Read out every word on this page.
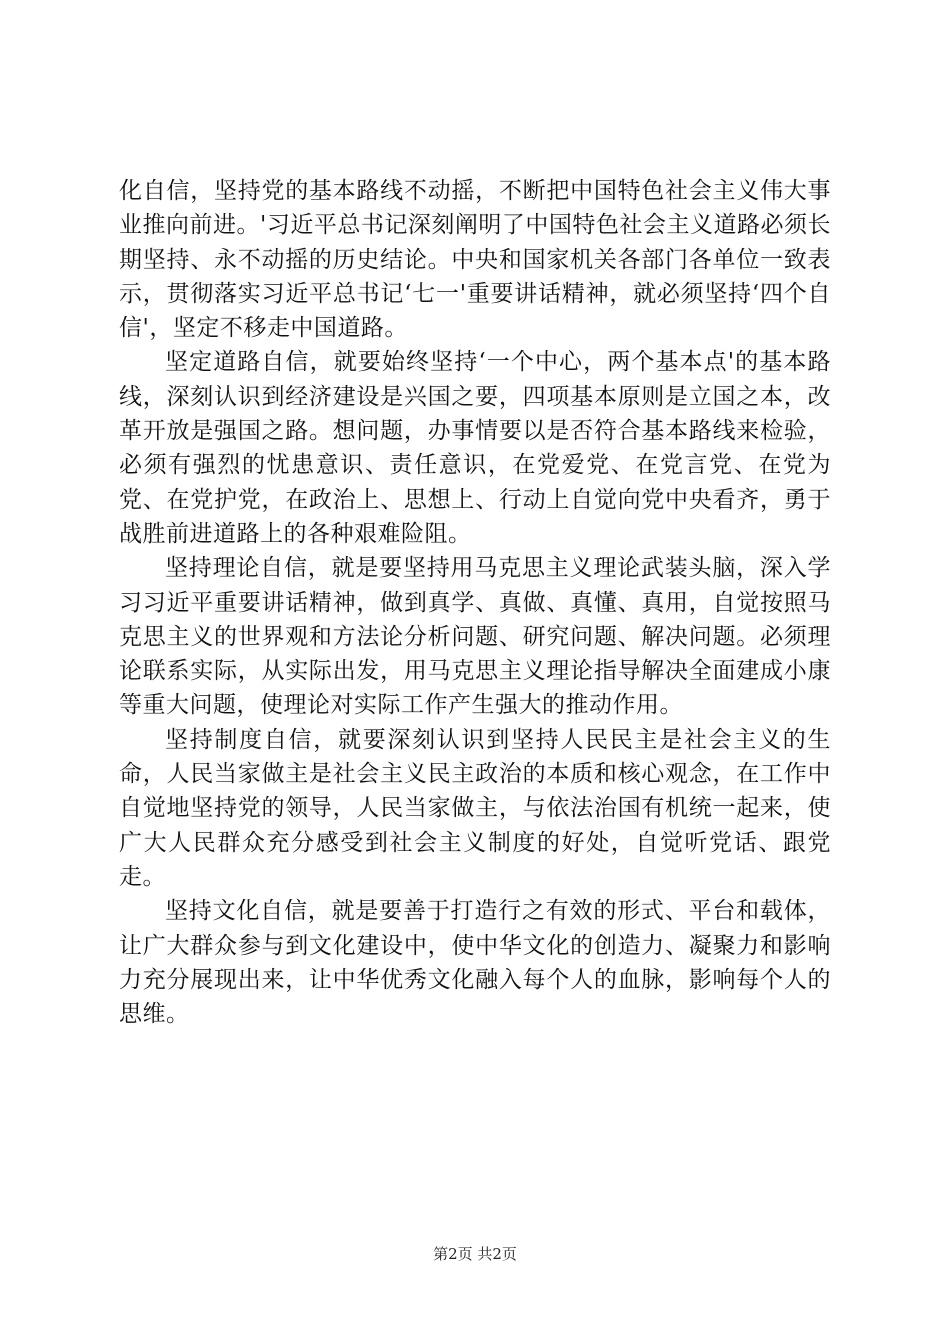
化自信，坚持党的基本路线不动摇，不断把中国特色社会主义伟大事业推向前进。'习近平总书记深刻阐明了中国特色社会主义道路必须长期坚持、永不动摇的历史结论。中央和国家机关各部门各单位一致表示，贯彻落实习近平总书记‘七一'重要讲话精神，就必须坚持‘四个自信'，坚定不移走中国道路。

坚定道路自信，就要始终坚持‘一个中心，两个基本点'的基本路线，深刻认识到经济建设是兴国之要，四项基本原则是立国之本，改革开放是强国之路。想问题，办事情要以是否符合基本路线来检验，必须有强烈的忧患意识、责任意识，在党爱党、在党言党、在党为党、在党护党，在政治上、思想上、行动上自觉向党中央看齐，勇于战胜前进道路上的各种艰难险阻。

坚持理论自信，就是要坚持用马克思主义理论武装头脑，深入学习习近平重要讲话精神，做到真学、真做、真懂、真用，自觉按照马克思主义的世界观和方法论分析问题、研究问题、解决问题。必须理论联系实际，从实际出发，用马克思主义理论指导解决全面建成小康等重大问题，使理论对实际工作产生强大的推动作用。

坚持制度自信，就要深刻认识到坚持人民民主是社会主义的生命，人民当家做主是社会主义民主政治的本质和核心观念，在工作中自觉地坚持党的领导，人民当家做主，与依法治国有机统一起来，使广大人民群众充分感受到社会主义制度的好处，自觉听党话、跟党走。

坚持文化自信，就是要善于打造行之有效的形式、平台和载体，让广大群众参与到文化建设中，使中华文化的创造力、凝聚力和影响力充分展现出来，让中华优秀文化融入每个人的血脉，影响每个人的思维。

第2页 共2页
